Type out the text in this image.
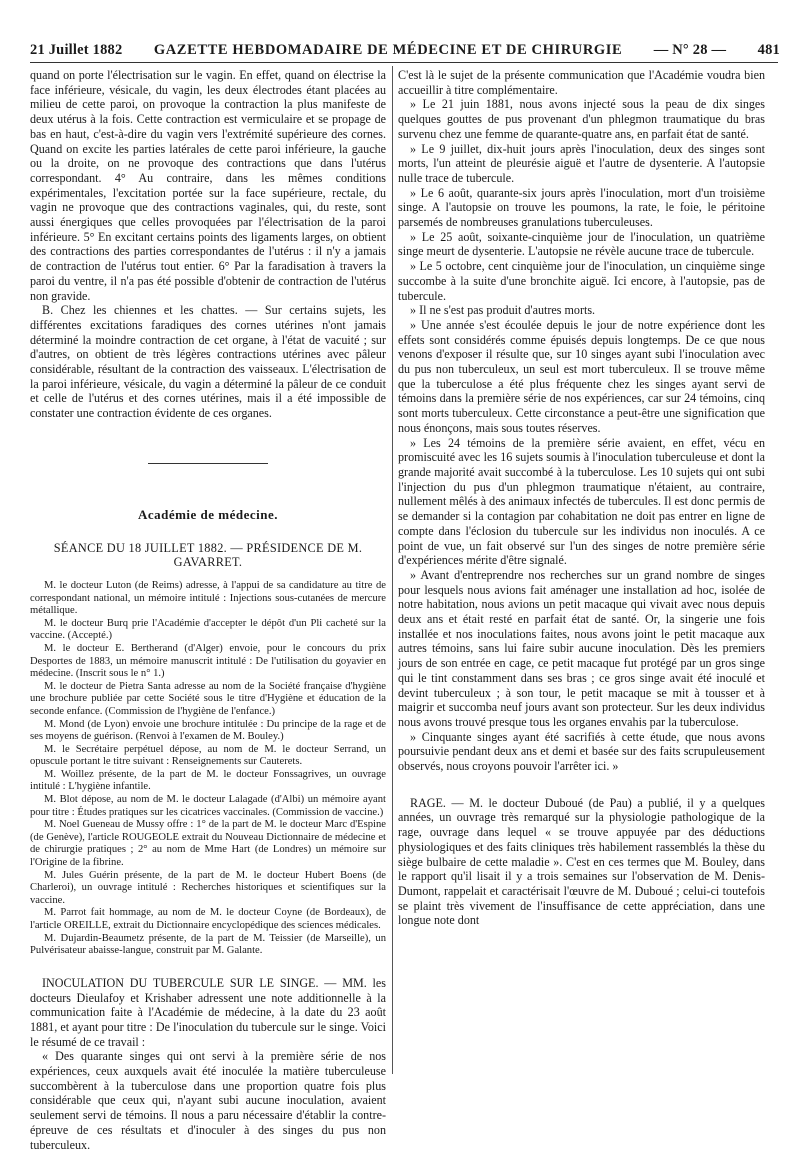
21 Juillet 1882 GAZETTE HEBDOMADAIRE DE MÉDECINE ET DE CHIRURGIE — N° 28 — 481

quand on porte l'électrisation sur le vagin. En effet, quand on électrise la face inférieure, vésicale, du vagin, les deux électrodes étant placées au milieu de cette paroi, on provoque la contraction la plus manifeste de deux utérus à la fois. Cette contraction est vermiculaire et se propage de bas en haut, c'est-à-dire du vagin vers l'extrémité supérieure des cornes. Quand on excite les parties latérales de cette paroi inférieure, la gauche ou la droite, on ne provoque des contractions que dans l'utérus correspondant. 4° Au contraire, dans les mêmes conditions expérimentales, l'excitation portée sur la face supérieure, rectale, du vagin ne provoque que des contractions vaginales, qui, du reste, sont aussi énergiques que celles provoquées par l'électrisation de la paroi inférieure. 5° En excitant certains points des ligaments larges, on obtient des contractions des parties correspondantes de l'utérus : il n'y a jamais de contraction de l'utérus tout entier. 6° Par la faradisation à travers la paroi du ventre, il n'a pas été possible d'obtenir de contraction de l'utérus non gravide.

B. Chez les chiennes et les chattes. — Sur certains sujets, les différentes excitations faradiques des cornes utérines n'ont jamais déterminé la moindre contraction de cet organe, à l'état de vacuité ; sur d'autres, on obtient de très légères contractions utérines avec pâleur considérable, résultant de la contraction des vaisseaux. L'électrisation de la paroi inférieure, vésicale, du vagin a déterminé la pâleur de ce conduit et celle de l'utérus et des cornes utérines, mais il a été impossible de constater une contraction évidente de ces organes.

Académie de médecine.
SÉANCE DU 18 JUILLET 1882. — PRÉSIDENCE DE M. GAVARRET.

M. le docteur Luton (de Reims) adresse, à l'appui de sa candidature au titre de correspondant national, un mémoire intitulé : Injections sous-cutanées de mercure métallique.

M. le docteur Burq prie l'Académie d'accepter le dépôt d'un Pli cacheté sur la vaccine. (Accepté.)

M. le docteur E. Bertherand (d'Alger) envoie, pour le concours du prix Desportes de 1883, un mémoire manuscrit intitulé : De l'utilisation du goyavier en médecine. (Inscrit sous le n° 1.)

M. le docteur de Pietra Santa adresse au nom de la Société française d'hygiène une brochure publiée par cette Société sous le titre d'Hygiène et éducation de la seconde enfance. (Commission de l'hygiène de l'enfance.)

M. Mond (de Lyon) envoie une brochure intitulée : Du principe de la rage et de ses moyens de guérison. (Renvoi à l'examen de M. Bouley.)

M. le Secrétaire perpétuel dépose, au nom de M. le docteur Serrand, un opuscule portant le titre suivant : Renseignements sur Cauterets.

M. Woillez présente, de la part de M. le docteur Fonssagrives, un ouvrage intitulé : L'hygiène infantile.

M. Blot dépose, au nom de M. le docteur Lalagade (d'Albi) un mémoire ayant pour titre : Études pratiques sur les cicatrices vaccinales. (Commission de vaccine.)

M. Noel Gueneau de Mussy offre : 1° de la part de M. le docteur Marc d'Espine (de Genève), l'article ROUGEOLE extrait du Nouveau Dictionnaire de médecine et de chirurgie pratiques ; 2° au nom de Mme Hart (de Londres) un mémoire sur l'Origine de la fibrine.

M. Jules Guérin présente, de la part de M. le docteur Hubert Boens (de Charleroi), un ouvrage intitulé : Recherches historiques et scientifiques sur la vaccine.

M. Parrot fait hommage, au nom de M. le docteur Coyne (de Bordeaux), de l'article OREILLE, extrait du Dictionnaire encyclopédique des sciences médicales.

M. Dujardin-Beaumetz présente, de la part de M. Teissier (de Marseille), un Pulvérisateur abaisse-langue, construit par M. Galante.

INOCULATION DU TUBERCULE SUR LE SINGE. — MM. les docteurs Dieulafoy et Krishaber adressent une note additionnelle à la communication faite à l'Académie de médecine, à la date du 23 août 1881, et ayant pour titre : De l'inoculation du tubercule sur le singe. Voici le résumé de ce travail :

« Des quarante singes qui ont servi à la première série de nos expériences, ceux auxquels avait été inoculée la matière tuberculeuse succombèrent à la tuberculose dans une proportion quatre fois plus considérable que ceux qui, n'ayant subi aucune inoculation, avaient seulement servi de témoins. Il nous a paru nécessaire d'établir la contre-épreuve de ces résultats et d'inoculer à des singes du pus non tuberculeux.

C'est là le sujet de la présente communication que l'Académie voudra bien accueillir à titre complémentaire.

» Le 21 juin 1881, nous avons injecté sous la peau de dix singes quelques gouttes de pus provenant d'un phlegmon traumatique du bras survenu chez une femme de quarante-quatre ans, en parfait état de santé.

» Le 9 juillet, dix-huit jours après l'inoculation, deux des singes sont morts, l'un atteint de pleurésie aiguë et l'autre de dysenterie. A l'autopsie nulle trace de tubercule.

» Le 6 août, quarante-six jours après l'inoculation, mort d'un troisième singe. A l'autopsie on trouve les poumons, la rate, le foie, le péritoine parsemés de nombreuses granulations tuberculeuses.

» Le 25 août, soixante-cinquième jour de l'inoculation, un quatrième singe meurt de dysenterie. L'autopsie ne révèle aucune trace de tubercule.

» Le 5 octobre, cent cinquième jour de l'inoculation, un cinquième singe succombe à la suite d'une bronchite aiguë. Ici encore, à l'autopsie, pas de tubercule.

» Il ne s'est pas produit d'autres morts.

» Une année s'est écoulée depuis le jour de notre expérience dont les effets sont considérés comme épuisés depuis longtemps. De ce que nous venons d'exposer il résulte que, sur 10 singes ayant subi l'inoculation avec du pus non tuberculeux, un seul est mort tuberculeux. Il se trouve même que la tuberculose a été plus fréquente chez les singes ayant servi de témoins dans la première série de nos expériences, car sur 24 témoins, cinq sont morts tuberculeux. Cette circonstance a peut-être une signification que nous énonçons, mais sous toutes réserves.

» Les 24 témoins de la première série avaient, en effet, vécu en promiscuité avec les 16 sujets soumis à l'inoculation tuberculeuse et dont la grande majorité avait succombé à la tuberculose. Les 10 sujets qui ont subi l'injection du pus d'un phlegmon traumatique n'étaient, au contraire, nullement mêlés à des animaux infectés de tubercules. Il est donc permis de se demander si la contagion par cohabitation ne doit pas entrer en ligne de compte dans l'éclosion du tubercule sur les individus non inoculés. A ce point de vue, un fait observé sur l'un des singes de notre première série d'expériences mérite d'être signalé.

» Avant d'entreprendre nos recherches sur un grand nombre de singes pour lesquels nous avions fait aménager une installation ad hoc, isolée de notre habitation, nous avions un petit macaque qui vivait avec nous depuis deux ans et était resté en parfait état de santé. Or, la singerie une fois installée et nos inoculations faites, nous avons joint le petit macaque aux autres témoins, sans lui faire subir aucune inoculation. Dès les premiers jours de son entrée en cage, ce petit macaque fut protégé par un gros singe qui le tint constamment dans ses bras ; ce gros singe avait été inoculé et devint tuberculeux ; à son tour, le petit macaque se mit à tousser et à maigrir et succomba neuf jours avant son protecteur. Sur les deux individus nous avons trouvé presque tous les organes envahis par la tuberculose.

» Cinquante singes ayant été sacrifiés à cette étude, que nous avons poursuivie pendant deux ans et demi et basée sur des faits scrupuleusement observés, nous croyons pouvoir l'arrêter ici. »

RAGE. — M. le docteur Duboué (de Pau) a publié, il y a quelques années, un ouvrage très remarqué sur la physiologie pathologique de la rage, ouvrage dans lequel « se trouve appuyée par des déductions physiologiques et des faits cliniques très habilement rassemblés la thèse du siège bulbaire de cette maladie ». C'est en ces termes que M. Bouley, dans le rapport qu'il lisait il y a trois semaines sur l'observation de M. Denis-Dumont, rappelait et caractérisait l'œuvre de M. Duboué ; celui-ci toutefois se plaint très vivement de l'insuffisance de cette appréciation, dans une longue note dont
